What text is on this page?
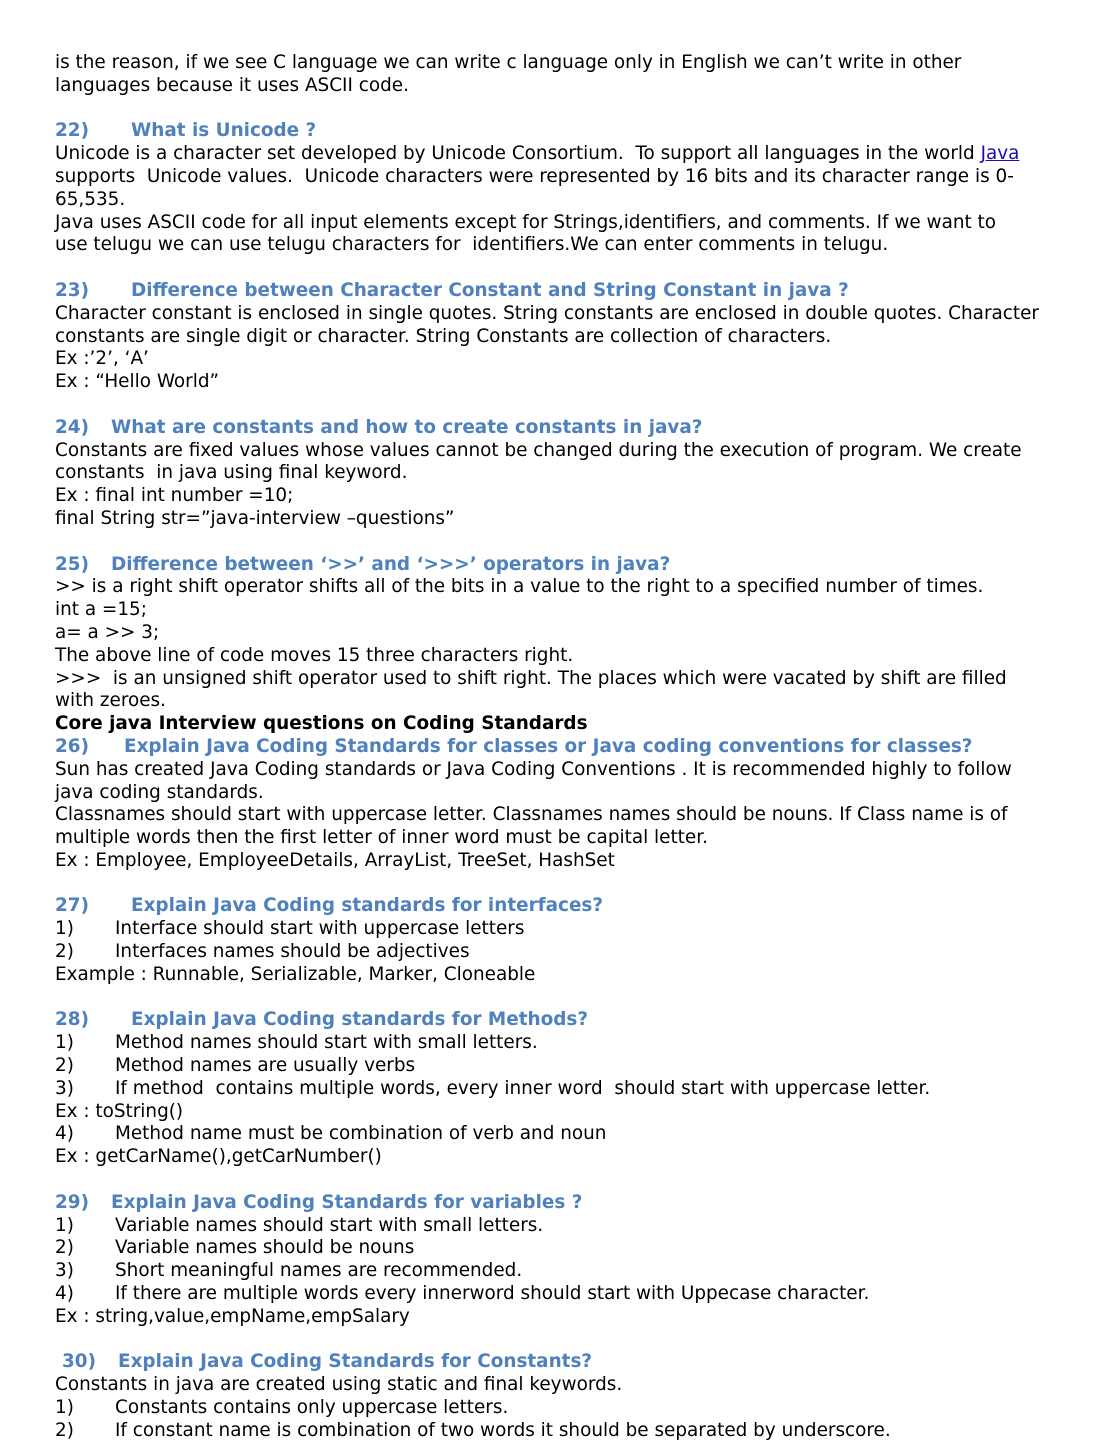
is the reason, if we see C language we can write c language only in English we can’t write in other
languages because it uses ASCII code.
22) What is Unicode ?
Unicode is a character set developed by Unicode Consortium.  To support all languages in the world Java
supports  Unicode values.  Unicode characters were represented by 16 bits and its character range is 0-
65,535.
Java uses ASCII code for all input elements except for Strings,identifiers, and comments. If we want to
use telugu we can use telugu characters for  identifiers.We can enter comments in telugu.
23) Difference between Character Constant and String Constant in java ?
Character constant is enclosed in single quotes. String constants are enclosed in double quotes. Character
constants are single digit or character. String Constants are collection of characters.
Ex :’2’, ‘A’
Ex : “Hello World”
24) What are constants and how to create constants in java?
Constants are fixed values whose values cannot be changed during the execution of program. We create
constants  in java using final keyword.
Ex : final int number =10;
final String str=”java-interview –questions”
25) Difference between ‘>>’ and ‘>>>’ operators in java?
>> is a right shift operator shifts all of the bits in a value to the right to a specified number of times.
int a =15;
a= a >> 3;
The above line of code moves 15 three characters right.
>>>  is an unsigned shift operator used to shift right. The places which were vacated by shift are filled
with zeroes.
Core java Interview questions on Coding Standards
26) Explain Java Coding Standards for classes or Java coding conventions for classes?
Sun has created Java Coding standards or Java Coding Conventions . It is recommended highly to follow
java coding standards.
Classnames should start with uppercase letter. Classnames names should be nouns. If Class name is of
multiple words then the first letter of inner word must be capital letter.
Ex : Employee, EmployeeDetails, ArrayList, TreeSet, HashSet
27) Explain Java Coding standards for interfaces?
1) Interface should start with uppercase letters
2) Interfaces names should be adjectives
Example : Runnable, Serializable, Marker, Cloneable
28) Explain Java Coding standards for Methods?
1) Method names should start with small letters.
2) Method names are usually verbs
3) If method  contains multiple words, every inner word  should start with uppercase letter.
Ex : toString()
4) Method name must be combination of verb and noun
Ex : getCarName(),getCarNumber()
29) Explain Java Coding Standards for variables ?
1) Variable names should start with small letters.
2) Variable names should be nouns
3) Short meaningful names are recommended.
4) If there are multiple words every innerword should start with Uppecase character.
Ex : string,value,empName,empSalary
30) Explain Java Coding Standards for Constants?
Constants in java are created using static and final keywords.
1) Constants contains only uppercase letters.
2) If constant name is combination of two words it should be separated by underscore.
